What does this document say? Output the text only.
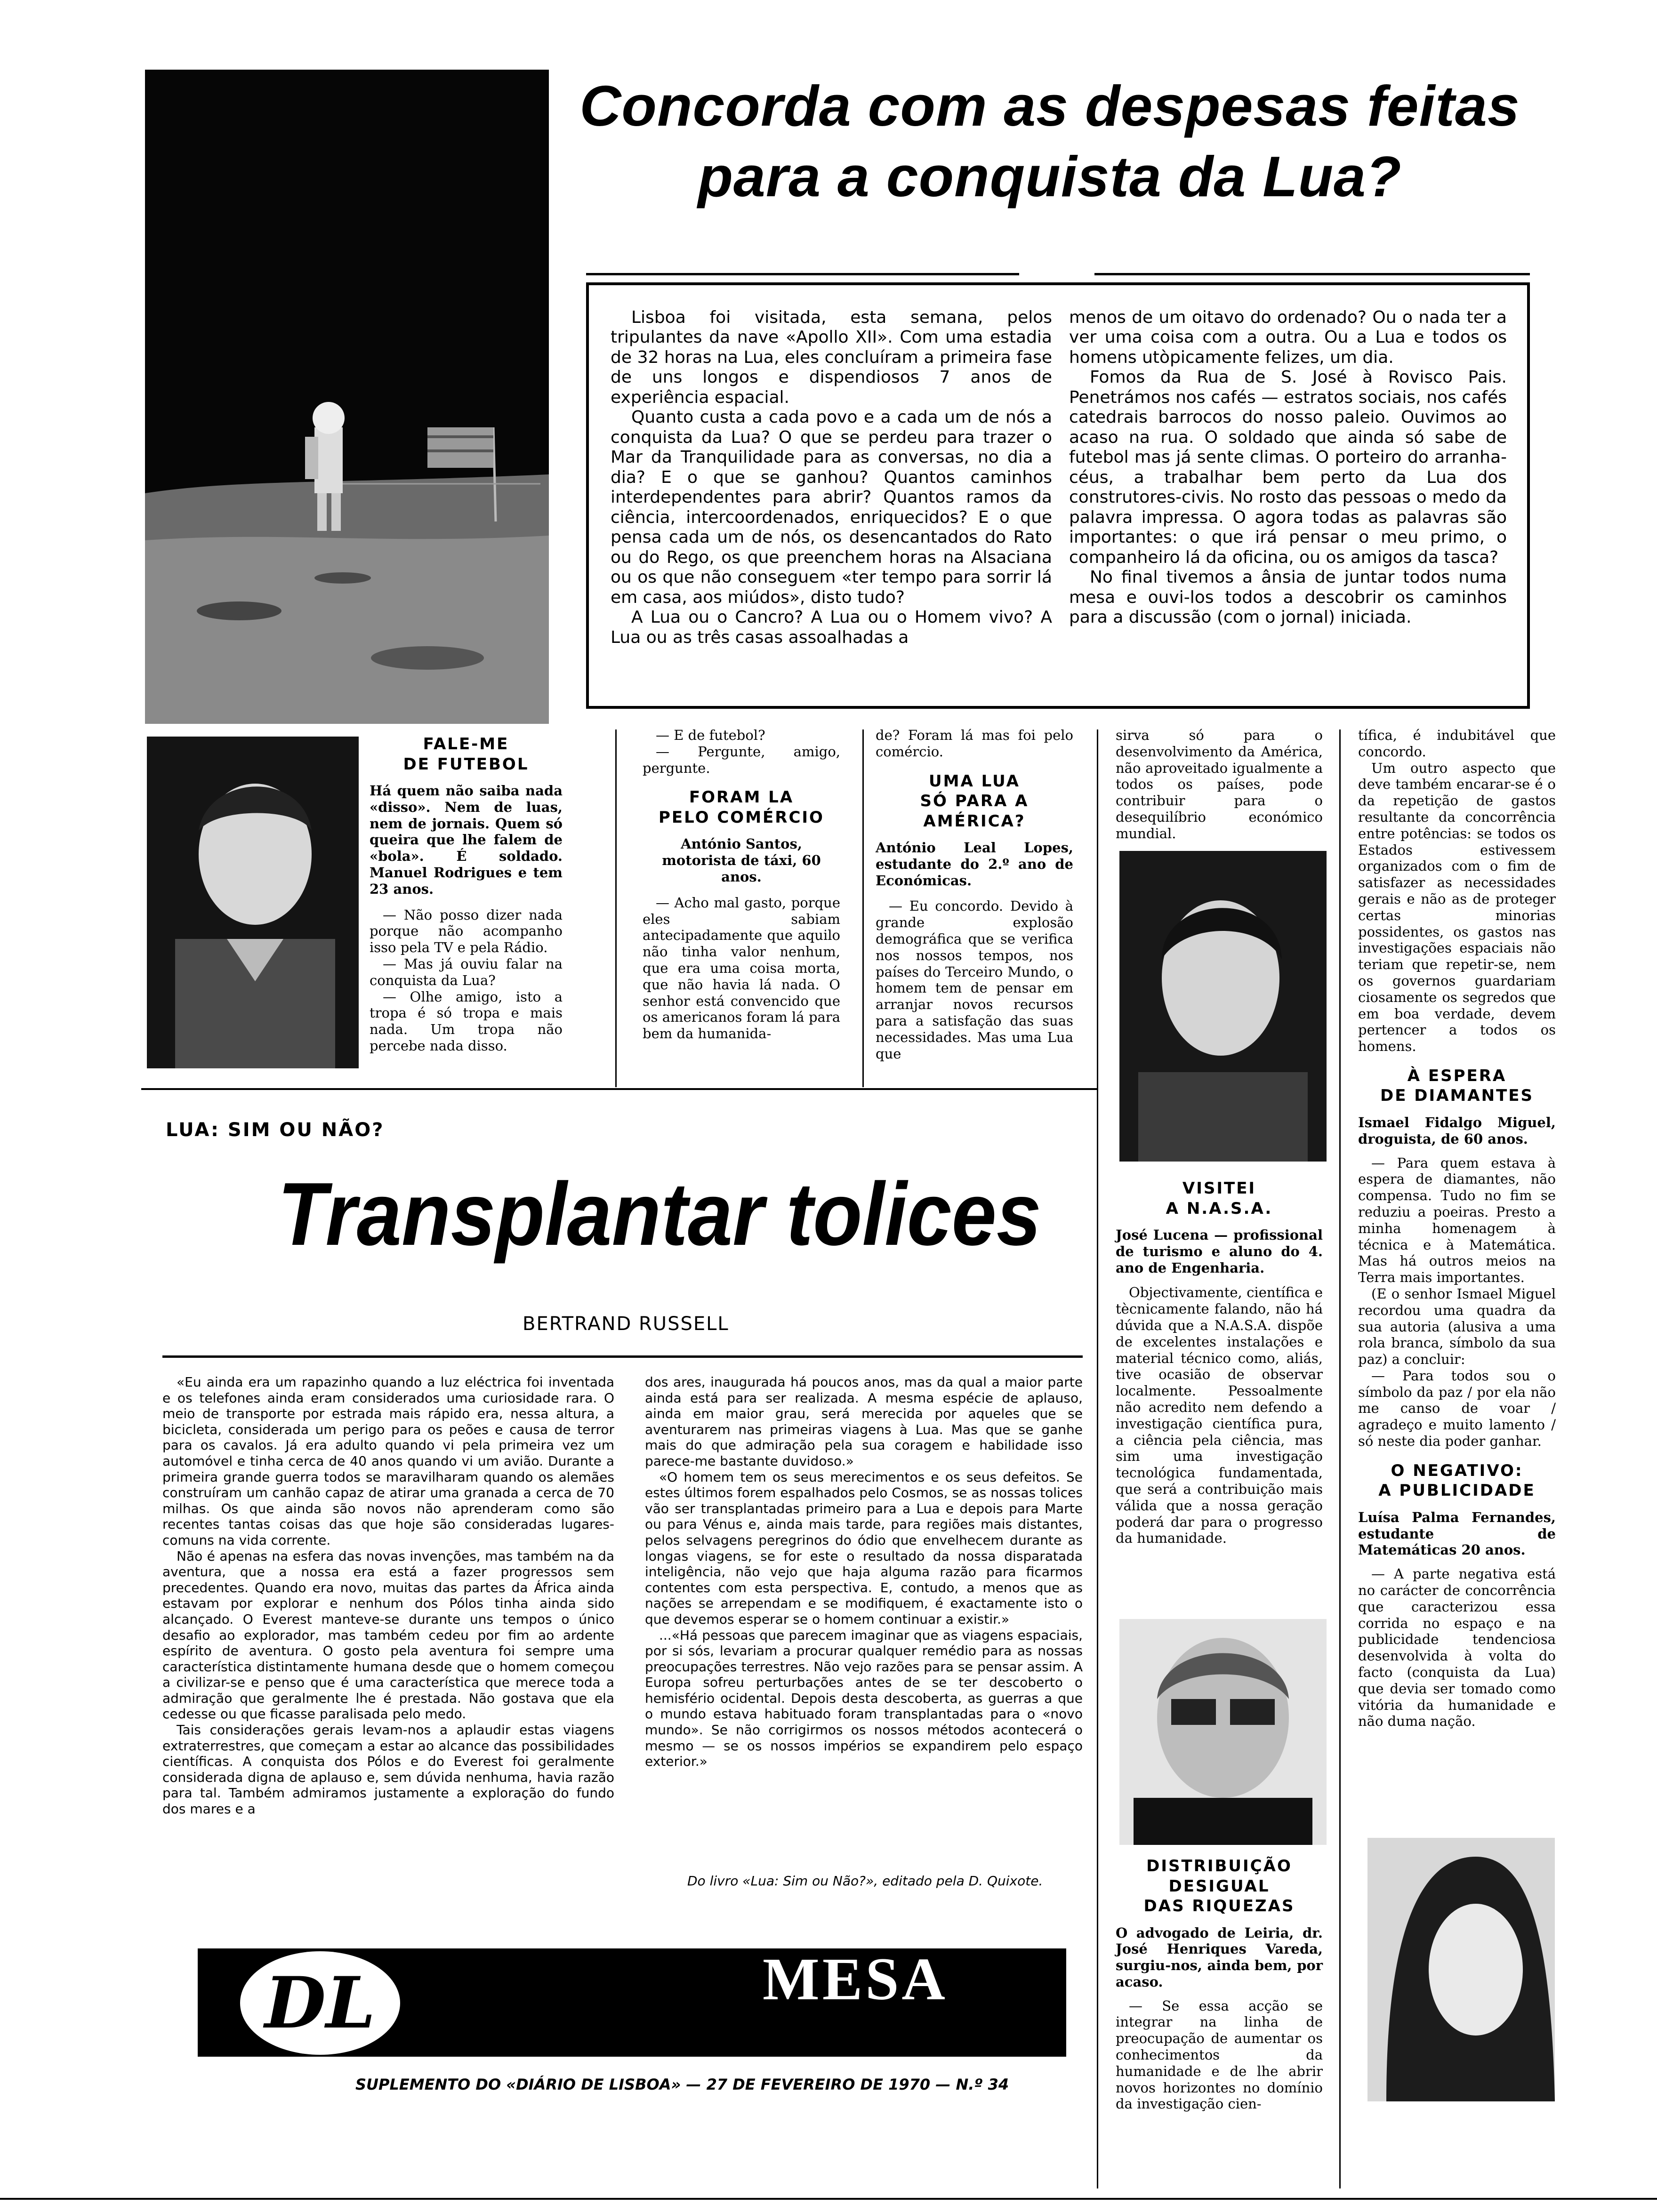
Concorda com as despesas feitas
para a conquista da Lua?

Lisboa foi visitada, esta semana, pelos tripulantes da nave «Apollo XII». Com uma estadia de 32 horas na Lua, eles concluíram a primeira fase de uns longos e dispendiosos 7 anos de experiência espacial.

Quanto custa a cada povo e a cada um de nós a conquista da Lua? O que se perdeu para trazer o Mar da Tranquilidade para as conversas, no dia a dia? E o que se ganhou? Quantos caminhos interdependentes para abrir? Quantos ramos da ciência, intercoordenados, enriquecidos? E o que pensa cada um de nós, os desencantados do Rato ou do Rego, os que preenchem horas na Alsaciana ou os que não conseguem «ter tempo para sorrir lá em casa, aos miúdos», disto tudo?

A Lua ou o Cancro? A Lua ou o Homem vivo? A Lua ou as três casas assoalhadas a

menos de um oitavo do ordenado? Ou o nada ter a ver uma coisa com a outra. Ou a Lua e todos os homens utòpicamente felizes, um dia.

Fomos da Rua de S. José à Rovisco Pais. Penetrámos nos cafés — estratos sociais, nos cafés catedrais barrocos do nosso paleio. Ouvimos ao acaso na rua. O soldado que ainda só sabe de futebol mas já sente climas. O porteiro do arranha-céus, a trabalhar bem perto da Lua dos construtores-civis. No rosto das pessoas o medo da palavra impressa. O agora todas as palavras são importantes: o que irá pensar o meu primo, o companheiro lá da oficina, ou os amigos da tasca?

No final tivemos a ânsia de juntar todos numa mesa e ouvi-los todos a descobrir os caminhos para a discussão (com o jornal) iniciada.

FALE-ME
DE FUTEBOL

Há quem não saiba nada «disso». Nem de luas, nem de jornais. Quem só queira que lhe falem de «bola». É soldado. Manuel Rodrigues e tem 23 anos.

— Não posso dizer nada porque não acompanho isso pela TV e pela Rádio.

— Mas já ouviu falar na conquista da Lua?

— Olhe amigo, isto a tropa é só tropa e mais nada. Um tropa não percebe nada disso.

— E de futebol?

— Pergunte, amigo, pergunte.

FORAM LA
PELO COMÉRCIO

António Santos, motorista de táxi, 60 anos.

— Acho mal gasto, porque eles sabiam antecipadamente que aquilo não tinha valor nenhum, que era uma coisa morta, que não havia lá nada. O senhor está convencido que os americanos foram lá para bem da humanida-

de? Foram lá mas foi pelo comércio.

UMA LUA
SÓ PARA A AMÉRICA?

António Leal Lopes, estudante do 2.º ano de Económicas.

— Eu concordo. Devido à grande explosão demográfica que se verifica nos nossos tempos, nos países do Terceiro Mundo, o homem tem de pensar em arranjar novos recursos para a satisfação das suas necessidades. Mas uma Lua que

sirva só para o desenvolvimento da América, não aproveitado igualmente a todos os países, pode contribuir para o desequilíbrio económico mundial.

VISITEI
A N.A.S.A.

José Lucena — profissional de turismo e aluno do 4. ano de Engenharia.

Objectivamente, científica e tècnicamente falando, não há dúvida que a N.A.S.A. dispõe de excelentes instalações e material técnico como, aliás, tive ocasião de observar localmente. Pessoalmente não acredito nem defendo a investigação científica pura, a ciência pela ciência, mas sim uma investigação tecnológica fundamentada, que será a contribuição mais válida que a nossa geração poderá dar para o progresso da humanidade.

DISTRIBUIÇÃO
DESIGUAL
DAS RIQUEZAS

O advogado de Leiria, dr. José Henriques Vareda, surgiu-nos, ainda bem, por acaso.

— Se essa acção se integrar na linha de preocupação de aumentar os conhecimentos da humanidade e de lhe abrir novos horizontes no domínio da investigação cien-

tífica, é indubitável que concordo.

Um outro aspecto que deve também encarar-se é o da repetição de gastos resultante da concorrência entre potências: se todos os Estados estivessem organizados com o fim de satisfazer as necessidades gerais e não as de proteger certas minorias possidentes, os gastos nas investigações espaciais não teriam que repetir-se, nem os governos guardariam ciosamente os segredos que em boa verdade, devem pertencer a todos os homens.

À ESPERA
DE DIAMANTES

Ismael Fidalgo Miguel, droguista, de 60 anos.

— Para quem estava à espera de diamantes, não compensa. Tudo no fim se reduziu a poeiras. Presto a minha homenagem à técnica e à Matemática. Mas há outros meios na Terra mais importantes.

(E o senhor Ismael Miguel recordou uma quadra da sua autoria (alusiva a uma rola branca, símbolo da sua paz) a concluir:

— Para todos sou o símbolo da paz / por ela não me canso de voar / agradeço e muito lamento / só neste dia poder ganhar.

O NEGATIVO:
A PUBLICIDADE

Luísa Palma Fernandes, estudante de Matemáticas 20 anos.

— A parte negativa está no carácter de concorrência que caracterizou essa corrida no espaço e na publicidade tendenciosa desenvolvida à volta do facto (conquista da Lua) que devia ser tomado como vitória da humanidade e não duma nação.

LUA: SIM OU NÃO?
Transplantar tolices
BERTRAND RUSSELL

«Eu ainda era um rapazinho quando a luz eléctrica foi inventada e os telefones ainda eram considerados uma curiosidade rara. O meio de transporte por estrada mais rápido era, nessa altura, a bicicleta, considerada um perigo para os peões e causa de terror para os cavalos. Já era adulto quando vi pela primeira vez um automóvel e tinha cerca de 40 anos quando vi um avião. Durante a primeira grande guerra todos se maravilharam quando os alemães construíram um canhão capaz de atirar uma granada a cerca de 70 milhas. Os que ainda são novos não aprenderam como são recentes tantas coisas das que hoje são consideradas lugares-comuns na vida corrente.

Não é apenas na esfera das novas invenções, mas também na da aventura, que a nossa era está a fazer progressos sem precedentes. Quando era novo, muitas das partes da África ainda estavam por explorar e nenhum dos Pólos tinha ainda sido alcançado. O Everest manteve-se durante uns tempos o único desafio ao explorador, mas também cedeu por fim ao ardente espírito de aventura. O gosto pela aventura foi sempre uma característica distintamente humana desde que o homem começou a civilizar-se e penso que é uma característica que merece toda a admiração que geralmente lhe é prestada. Não gostava que ela cedesse ou que ficasse paralisada pelo medo.

Tais considerações gerais levam-nos a aplaudir estas viagens extraterrestres, que começam a estar ao alcance das possibilidades científicas. A conquista dos Pólos e do Everest foi geralmente considerada digna de aplauso e, sem dúvida nenhuma, havia razão para tal. Também admiramos justamente a exploração do fundo dos mares e a

dos ares, inaugurada há poucos anos, mas da qual a maior parte ainda está para ser realizada. A mesma espécie de aplauso, ainda em maior grau, será merecida por aqueles que se aventurarem nas primeiras viagens à Lua. Mas que se ganhe mais do que admiração pela sua coragem e habilidade isso parece-me bastante duvidoso.»

«O homem tem os seus merecimentos e os seus defeitos. Se estes últimos forem espalhados pelo Cosmos, se as nossas tolices vão ser transplantadas primeiro para a Lua e depois para Marte ou para Vénus e, ainda mais tarde, para regiões mais distantes, pelos selvagens peregrinos do ódio que envelhecem durante as longas viagens, se for este o resultado da nossa disparatada inteligência, não vejo que haja alguma razão para ficarmos contentes com esta perspectiva. E, contudo, a menos que as nações se arrependam e se modifiquem, é exactamente isto o que devemos esperar se o homem continuar a existir.»

...«Há pessoas que parecem imaginar que as viagens espaciais, por si sós, levariam a procurar qualquer remédio para as nossas preocupações terrestres. Não vejo razões para se pensar assim. A Europa sofreu perturbações antes de se ter descoberto o hemisfério ocidental. Depois desta descoberta, as guerras a que o mundo estava habituado foram transplantadas para o «novo mundo». Se não corrigirmos os nossos métodos acontecerá o mesmo — se os nossos impérios se expandirem pelo espaço exterior.»

Do livro «Lua: Sim ou Não?», editado pela D. Quixote.
DL	MESA
REDONDA
SUPLEMENTO DO «DIÁRIO DE LISBOA» — 27 DE FEVEREIRO DE 1970 — N.º 34
